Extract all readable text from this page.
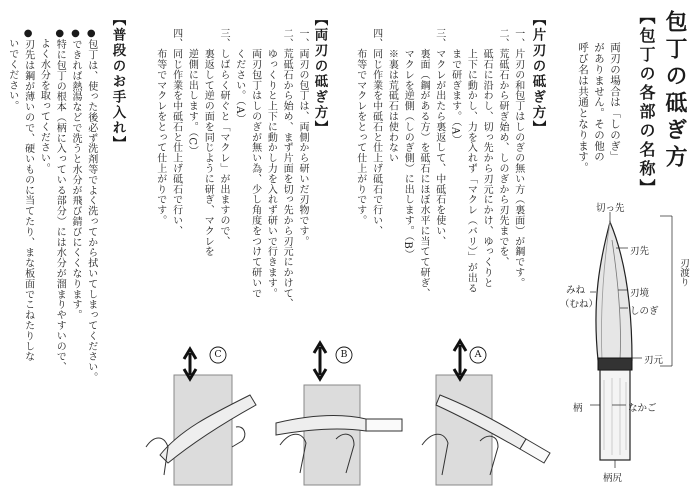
包丁の砥ぎ方
【包丁の各部の名称】
両刃の場合は「しのぎ」
がありません。その他の
呼び名は共通となります。
【片刃の砥ぎ方】
一、片刃の和包丁はしのぎの無い方（裏面）が鋼です。
二、荒砥石から研ぎ始め、しのぎから刃先までを、
　　砥石に沿わし、切っ先から刃元にかけ、ゆっくりと
　　上下に動かし、力を入れず「マクレ（バリ）」が出る
　　まで研ぎます。（A）
三、マクレが出たら裏返して、中砥石を使い、
　　裏面（鋼がある方）を砥石にほぼ水平に当てて研ぎ、
　　マクレを逆側（しのぎ側）に出します。（B）
　　※裏は荒砥石は使わない
四、同じ作業を中砥石と仕上げ砥石で行い、
　　布等でマクレをとって仕上がりです。
【両刃の砥ぎ方】
一、両刃の包丁は、両側から研いだ刃物です。
二、荒砥石から始め、まず片面を切っ先から刃元にかけて、
　　ゆっくりと上下に動かし力を入れず研いで行きます。
　　両刃包丁はしのぎが無い為、少し角度をつけて研いで
　　ください。（A）
三、しばらく研ぐと「マクレ」が出ますので、
　　裏返して逆の面を同じように研ぎ、マクレを
　　逆側に出します。（C）
四、同じ作業を中砥石と仕上げ砥石で行い、
　　布等でマクレをとって仕上がりです。
【普段のお手入れ】
●包丁は、使った後必ず洗剤等でよく洗ってから拭いてしまってください。
●できれば熱湯などで洗うと水分が飛び錆びにくくなります。
●特に包丁の根本（柄に入っている部分）には水分が溜まりやすいので、
　よく水分を取ってください。
●刃先は鋼が薄いので、硬いものに当てたり、まな板面でこねたりしな
　いでください。
切っ先
刃先
刃境
しのぎ
みね
（むね）
刃渡り
刃元
なかご
柄
柄尻
C	B	A
